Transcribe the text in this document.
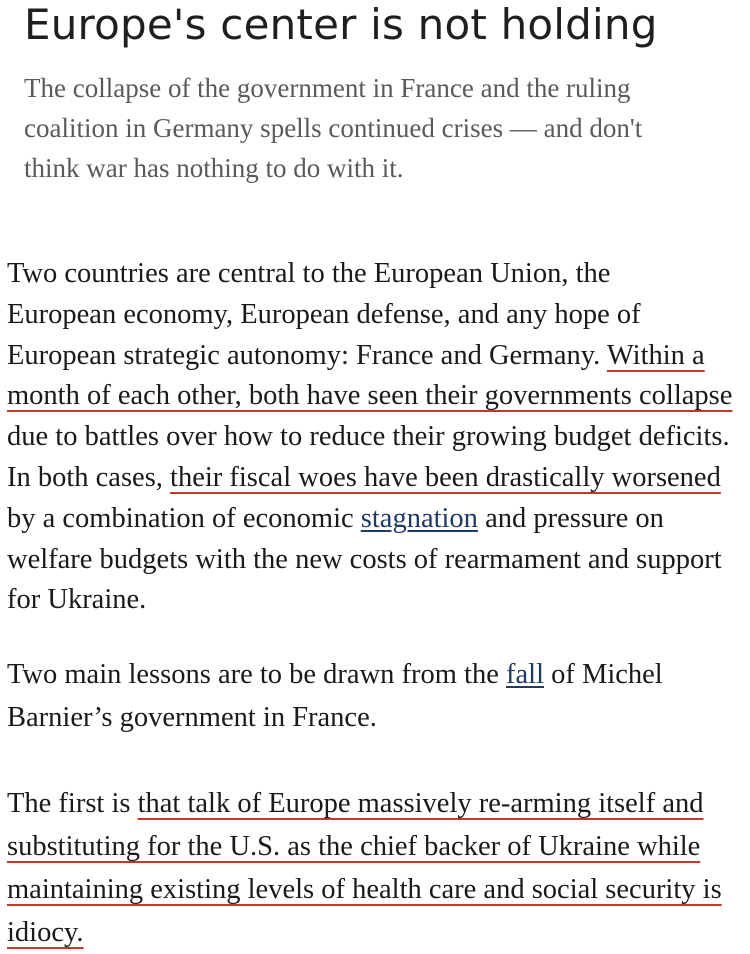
Europe's center is not holding

The collapse of the government in France and the ruling
coalition in Germany spells continued crises — and don't
think war has nothing to do with it.

Two countries are central to the European Union, the
European economy, European defense, and any hope of
European strategic autonomy: France and Germany. Within a
month of each other, both have seen their governments collapse
due to battles over how to reduce their growing budget deficits.
In both cases, their fiscal woes have been drastically worsened
by a combination of economic stagnation and pressure on
welfare budgets with the new costs of rearmament and support
for Ukraine.

Two main lessons are to be drawn from the fall of Michel
Barnier’s government in France.

The first is that talk of Europe massively re-arming itself and
substituting for the U.S. as the chief backer of Ukraine while
maintaining existing levels of health care and social security is
idiocy.
